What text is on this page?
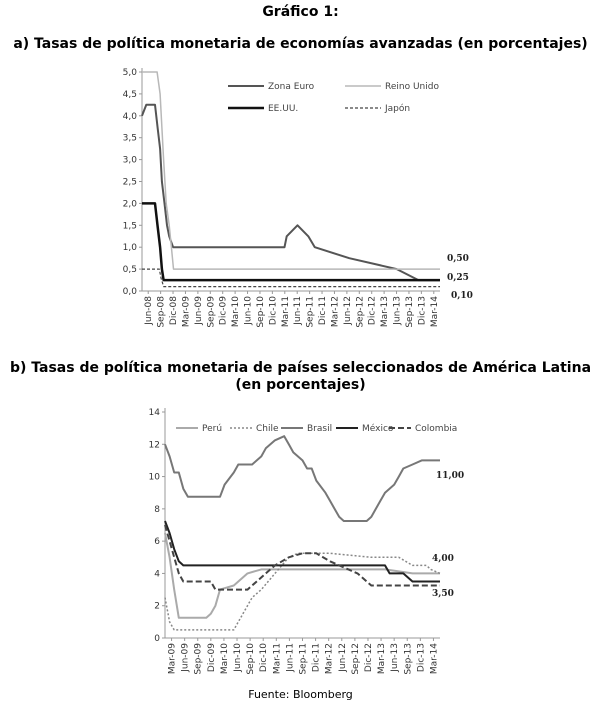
Gráfico 1:
a) Tasas de política monetaria de economías avanzadas (en porcentajes)
0,0
0,5
1,0
1,5
2,0
2,5
3,0
3,5
4,0
4,5
5,0
Jun-08 Sep-08 Dic-08 Mar-09 Jun-09 Sep-09 Dic-09 Mar-10 Jun-10 Sep-10 Dic-10 Mar-11 Jun-11 Sep-11 Dic-11 Mar-12 Jun-12 Sep-12 Dic-12 Mar-13 Jun-13 Sep-13 Dic-13 Mar-14
Zona Euro	Reino Unido
EE.UU.	Japón
0,50
0,25
0,10
b) Tasas de política monetaria de países seleccionados de América Latina
(en porcentajes)
0
2
4
6
8
10
12
14
Mar-09 Jun-09 Sep-09 Dic-09 Mar-10 Jun-10 Sep-10 Dic-10 Mar-11 Jun-11 Sep-11 Dic-11 Mar-12 Jun-12 Sep-12 Dic-12 Mar-13 Jun-13 Sep-13 Dic-13 Mar-14
Perú	Chile	Brasil	México Colombia
11,00
4,00
3,50
Fuente: Bloomberg
